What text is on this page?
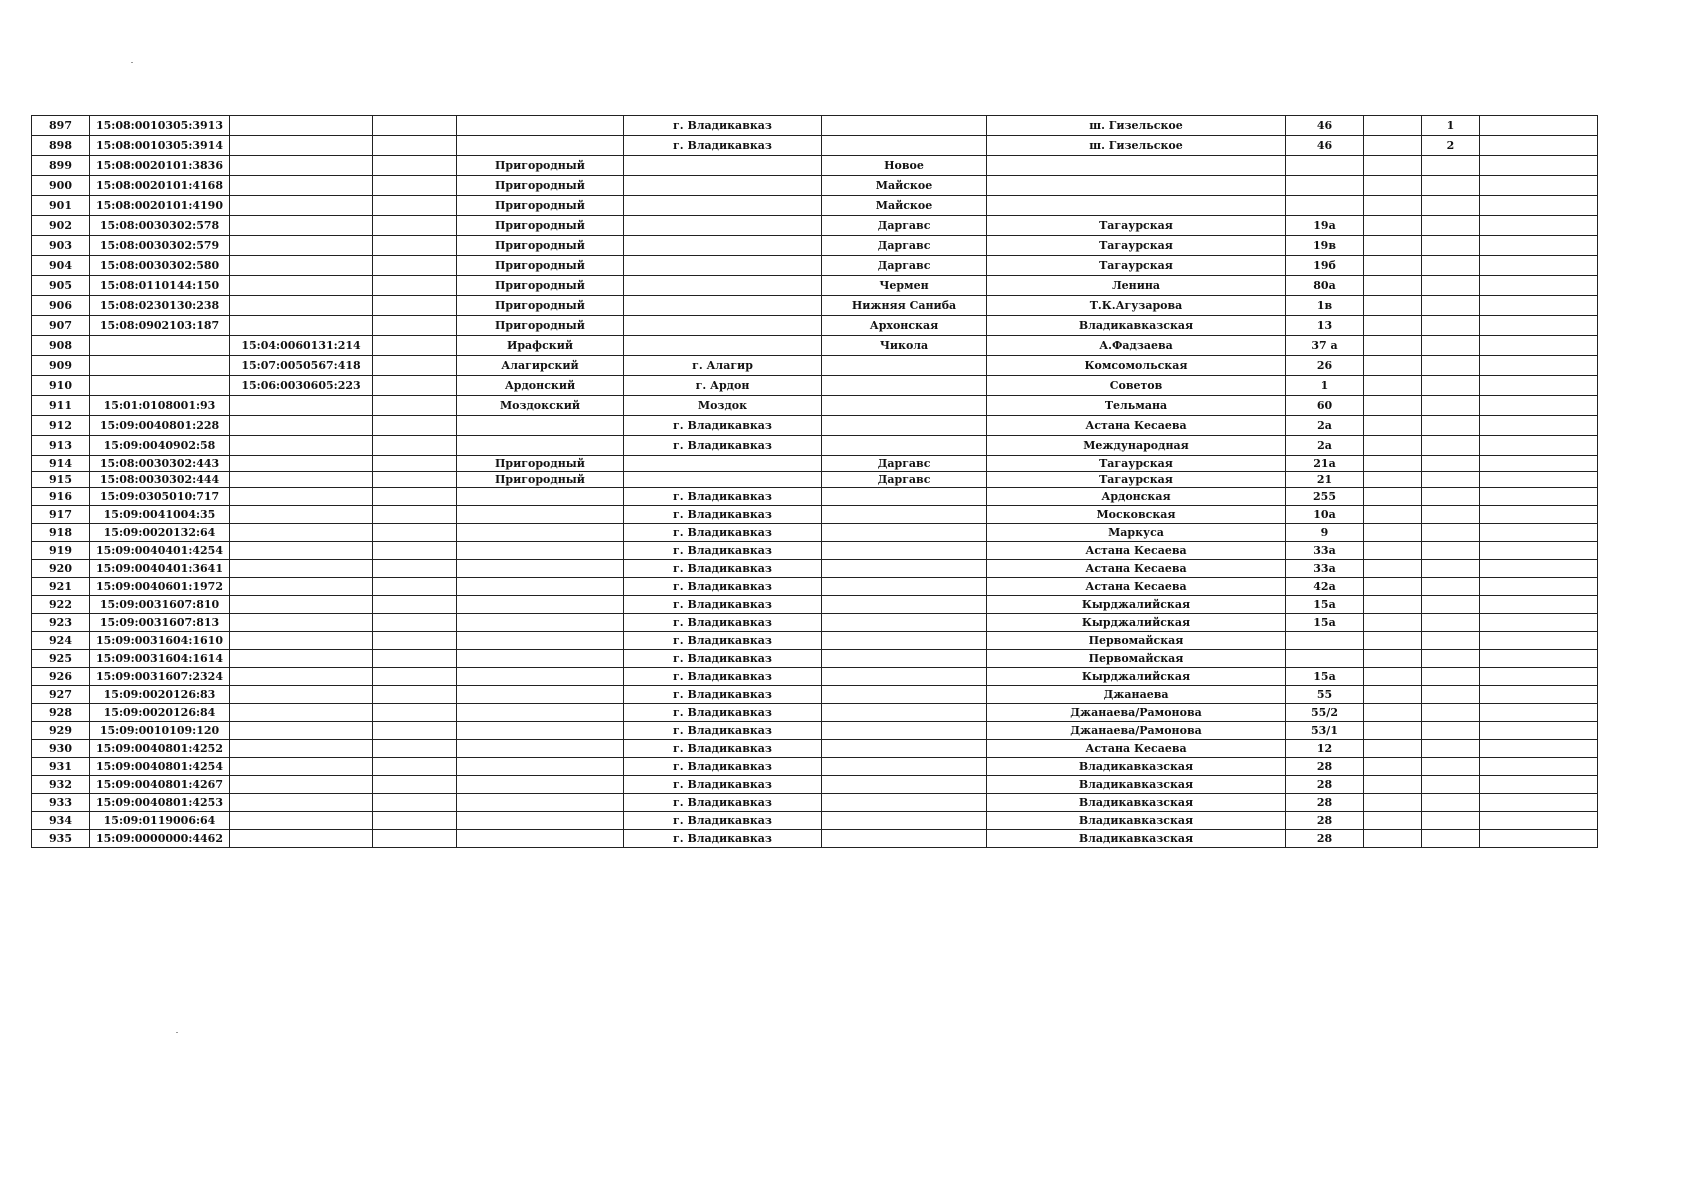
897	15:08:0010305:3913				г. Владикавказ		ш. Гизельское	46		1	
898	15:08:0010305:3914				г. Владикавказ		ш. Гизельское	46		2	
899	15:08:0020101:3836			Пригородный		Новое					
900	15:08:0020101:4168			Пригородный		Майское					
901	15:08:0020101:4190			Пригородный		Майское					
902	15:08:0030302:578			Пригородный		Даргавс	Тагаурская	19а			
903	15:08:0030302:579			Пригородный		Даргавс	Тагаурская	19в			
904	15:08:0030302:580			Пригородный		Даргавс	Тагаурская	19б			
905	15:08:0110144:150			Пригородный		Чермен	Ленина	80а			
906	15:08:0230130:238			Пригородный		Нижняя Саниба	Т.К.Агузарова	1в			
907	15:08:0902103:187			Пригородный		Архонская	Владикавказская	13			
908		15:04:0060131:214		Ирафский		Чикола	А.Фадзаева	37 а			
909		15:07:0050567:418		Алагирский	г. Алагир		Комсомольская	26			
910		15:06:0030605:223		Ардонский	г. Ардон		Советов	1			
911	15:01:0108001:93			Моздокский	Моздок		Тельмана	60			
912	15:09:0040801:228				г. Владикавказ		Астана Кесаева	2а			
913	15:09:0040902:58				г. Владикавказ		Международная	2а			
914	15:08:0030302:443			Пригородный		Даргавс	Тагаурская	21а			
915	15:08:0030302:444			Пригородный		Даргавс	Тагаурская	21			
916	15:09:0305010:717				г. Владикавказ		Ардонская	255			
917	15:09:0041004:35				г. Владикавказ		Московская	10а			
918	15:09:0020132:64				г. Владикавказ		Маркуса	9			
919	15:09:0040401:4254				г. Владикавказ		Астана Кесаева	33а			
920	15:09:0040401:3641				г. Владикавказ		Астана Кесаева	33а			
921	15:09:0040601:1972				г. Владикавказ		Астана Кесаева	42а			
922	15:09:0031607:810				г. Владикавказ		Кырджалийская	15а			
923	15:09:0031607:813				г. Владикавказ		Кырджалийская	15а			
924	15:09:0031604:1610				г. Владикавказ		Первомайская				
925	15:09:0031604:1614				г. Владикавказ		Первомайская				
926	15:09:0031607:2324				г. Владикавказ		Кырджалийская	15а			
927	15:09:0020126:83				г. Владикавказ		Джанаева	55			
928	15:09:0020126:84				г. Владикавказ		Джанаева/Рамонова	55/2			
929	15:09:0010109:120				г. Владикавказ		Джанаева/Рамонова	53/1			
930	15:09:0040801:4252				г. Владикавказ		Астана Кесаева	12			
931	15:09:0040801:4254				г. Владикавказ		Владикавказская	28			
932	15:09:0040801:4267				г. Владикавказ		Владикавказская	28			
933	15:09:0040801:4253				г. Владикавказ		Владикавказская	28			
934	15:09:0119006:64				г. Владикавказ		Владикавказская	28			
935	15:09:0000000:4462				г. Владикавказ		Владикавказская	28			
